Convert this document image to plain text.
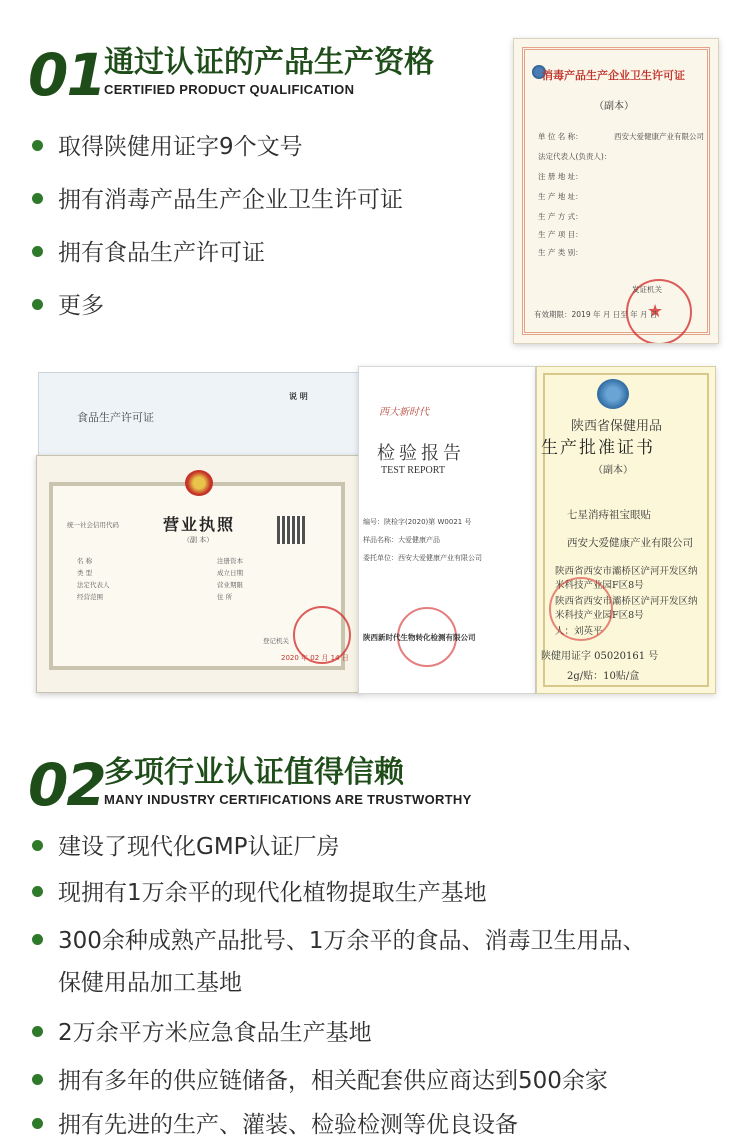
01 通过认证的产品生产资格
CERTIFIED PRODUCT QUALIFICATION
取得陕健用证字9个文号
拥有消毒产品生产企业卫生许可证
拥有食品生产许可证
更多
消毒产品生产企业卫生许可证
（副本）
单 位 名 称：	西安大爱健康产业有限公司
法定代表人(负责人)：
注 册 地 址：
生 产 地 址：
生 产 方 式：
生 产 项 目：
生 产 类 别：
★
发证机关
有效期限：2019 年 月 日至 年 月 日
食品生产许可证
说 明
营业执照
（副 本）
统一社会信用代码
名 称
类 型
法定代表人
经营范围
注册资本
成立日期
营业期限
住 所
登记机关
2020 年 02 月 14 日
西大新时代
检验报告
TEST REPORT
编号：陕检字(2020)第 W0021 号
样品名称：大爱健康产品
委托单位：西安大爱健康产业有限公司
陕西新时代生物转化检测有限公司
陕西省保健用品
生产批准证书
（副本）
七星消痔祖宝眼贴
西安大爱健康产业有限公司
陕西省西安市灞桥区浐河开发区纳
米科技产业园F区8号
陕西省西安市灞桥区浐河开发区纳
米科技产业园F区8号
人：刘英平
陕健用证字 05020161 号
2g/贴：10贴/盒
02 多项行业认证值得信赖
MANY INDUSTRY CERTIFICATIONS ARE TRUSTWORTHY
建设了现代化GMP认证厂房
现拥有1万余平的现代化植物提取生产基地
300余种成熟产品批号、1万余平的食品、消毒卫生用品、
保健用品加工基地
2万余平方米应急食品生产基地
拥有多年的供应链储备，相关配套供应商达到500余家
拥有先进的生产、灌装、检验检测等优良设备
